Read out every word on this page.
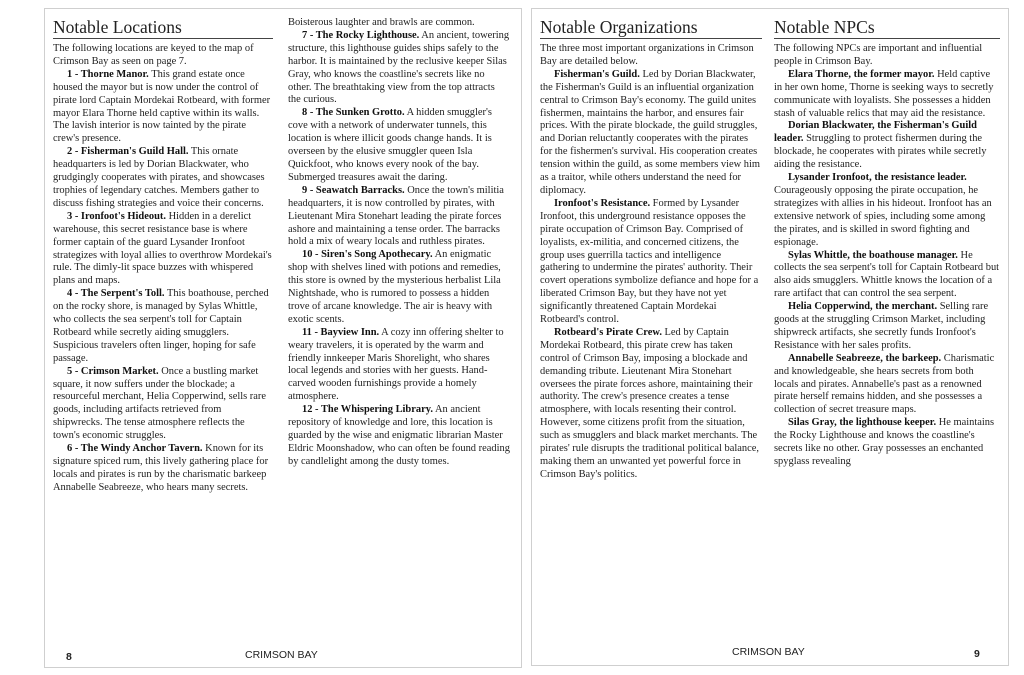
Notable Locations

The following locations are keyed to the map of Crimson Bay as seen on page 7.

1 - Thorne Manor. This grand estate once housed the mayor but is now under the control of pirate lord Captain Mordekai Rotbeard, with former mayor Elara Thorne held captive within its walls. The lavish interior is now tainted by the pirate crew's presence.

2 - Fisherman's Guild Hall. This ornate headquarters is led by Dorian Blackwater, who grudgingly cooperates with pirates, and showcases trophies of legendary catches. Members gather to discuss fishing strategies and voice their concerns.

3 - Ironfoot's Hideout. Hidden in a derelict warehouse, this secret resistance base is where former captain of the guard Lysander Ironfoot strategizes with loyal allies to overthrow Mordekai's rule. The dimly-lit space buzzes with whispered plans and maps.

4 - The Serpent's Toll. This boathouse, perched on the rocky shore, is managed by Sylas Whittle, who collects the sea serpent's toll for Captain Rotbeard while secretly aiding smugglers. Suspicious travelers often linger, hoping for safe passage.

5 - Crimson Market. Once a bustling market square, it now suffers under the blockade; a resourceful merchant, Helia Copperwind, sells rare goods, including artifacts retrieved from shipwrecks. The tense atmosphere reflects the town's economic struggles.

6 - The Windy Anchor Tavern. Known for its signature spiced rum, this lively gathering place for locals and pirates is run by the charismatic barkeep Annabelle Seabreeze, who hears many secrets.

Boisterous laughter and brawls are common.

7 - The Rocky Lighthouse. An ancient, towering structure, this lighthouse guides ships safely to the harbor. It is maintained by the reclusive keeper Silas Gray, who knows the coastline's secrets like no other. The breathtaking view from the top attracts the curious.

8 - The Sunken Grotto. A hidden smuggler's cove with a network of underwater tunnels, this location is where illicit goods change hands. It is overseen by the elusive smuggler queen Isla Quickfoot, who knows every nook of the bay. Submerged treasures await the daring.

9 - Seawatch Barracks. Once the town's militia headquarters, it is now controlled by pirates, with Lieutenant Mira Stonehart leading the pirate forces ashore and maintaining a tense order. The barracks hold a mix of weary locals and ruthless pirates.

10 - Siren's Song Apothecary. An enigmatic shop with shelves lined with potions and remedies, this store is owned by the mysterious herbalist Lila Nightshade, who is rumored to possess a hidden trove of arcane knowledge. The air is heavy with exotic scents.

11 - Bayview Inn. A cozy inn offering shelter to weary travelers, it is operated by the warm and friendly innkeeper Maris Shorelight, who shares local legends and stories with her guests. Hand-carved wooden furnishings provide a homely atmosphere.

12 - The Whispering Library. An ancient repository of knowledge and lore, this location is guarded by the wise and enigmatic librarian Master Eldric Moonshadow, who can often be found reading by candlelight among the dusty tomes.

8	CRIMSON BAY
Notable Organizations

The three most important organizations in Crimson Bay are detailed below.

Fisherman's Guild. Led by Dorian Blackwater, the Fisherman's Guild is an influential organization central to Crimson Bay's economy. The guild unites fishermen, maintains the harbor, and ensures fair prices. With the pirate blockade, the guild struggles, and Dorian reluctantly cooperates with the pirates for the fishermen's survival. His cooperation creates tension within the guild, as some members view him as a traitor, while others understand the need for diplomacy.

Ironfoot's Resistance. Formed by Lysander Ironfoot, this underground resistance opposes the pirate occupation of Crimson Bay. Comprised of loyalists, ex-militia, and concerned citizens, the group uses guerrilla tactics and intelligence gathering to undermine the pirates' authority. Their covert operations symbolize defiance and hope for a liberated Crimson Bay, but they have not yet significantly threatened Captain Mordekai Rotbeard's control.

Rotbeard's Pirate Crew. Led by Captain Mordekai Rotbeard, this pirate crew has taken control of Crimson Bay, imposing a blockade and demanding tribute. Lieutenant Mira Stonehart oversees the pirate forces ashore, maintaining their authority. The crew's presence creates a tense atmosphere, with locals resenting their control. However, some citizens profit from the situation, such as smugglers and black market merchants. The pirates' rule disrupts the traditional political balance, making them an unwanted yet powerful force in Crimson Bay's politics.

Notable NPCs

The following NPCs are important and influential people in Crimson Bay.

Elara Thorne, the former mayor. Held captive in her own home, Thorne is seeking ways to secretly communicate with loyalists. She possesses a hidden stash of valuable relics that may aid the resistance.

Dorian Blackwater, the Fisherman's Guild leader. Struggling to protect fishermen during the blockade, he cooperates with pirates while secretly aiding the resistance.

Lysander Ironfoot, the resistance leader. Courageously opposing the pirate occupation, he strategizes with allies in his hideout. Ironfoot has an extensive network of spies, including some among the pirates, and is skilled in sword fighting and espionage.

Sylas Whittle, the boathouse manager. He collects the sea serpent's toll for Captain Rotbeard but also aids smugglers. Whittle knows the location of a rare artifact that can control the sea serpent.

Helia Copperwind, the merchant. Selling rare goods at the struggling Crimson Market, including shipwreck artifacts, she secretly funds Ironfoot's Resistance with her sales profits.

Annabelle Seabreeze, the barkeep. Charismatic and knowledgeable, she hears secrets from both locals and pirates. Annabelle's past as a renowned pirate herself remains hidden, and she possesses a collection of secret treasure maps.

Silas Gray, the lighthouse keeper. He maintains the Rocky Lighthouse and knows the coastline's secrets like no other. Gray possesses an enchanted spyglass revealing

CRIMSON BAY	9
